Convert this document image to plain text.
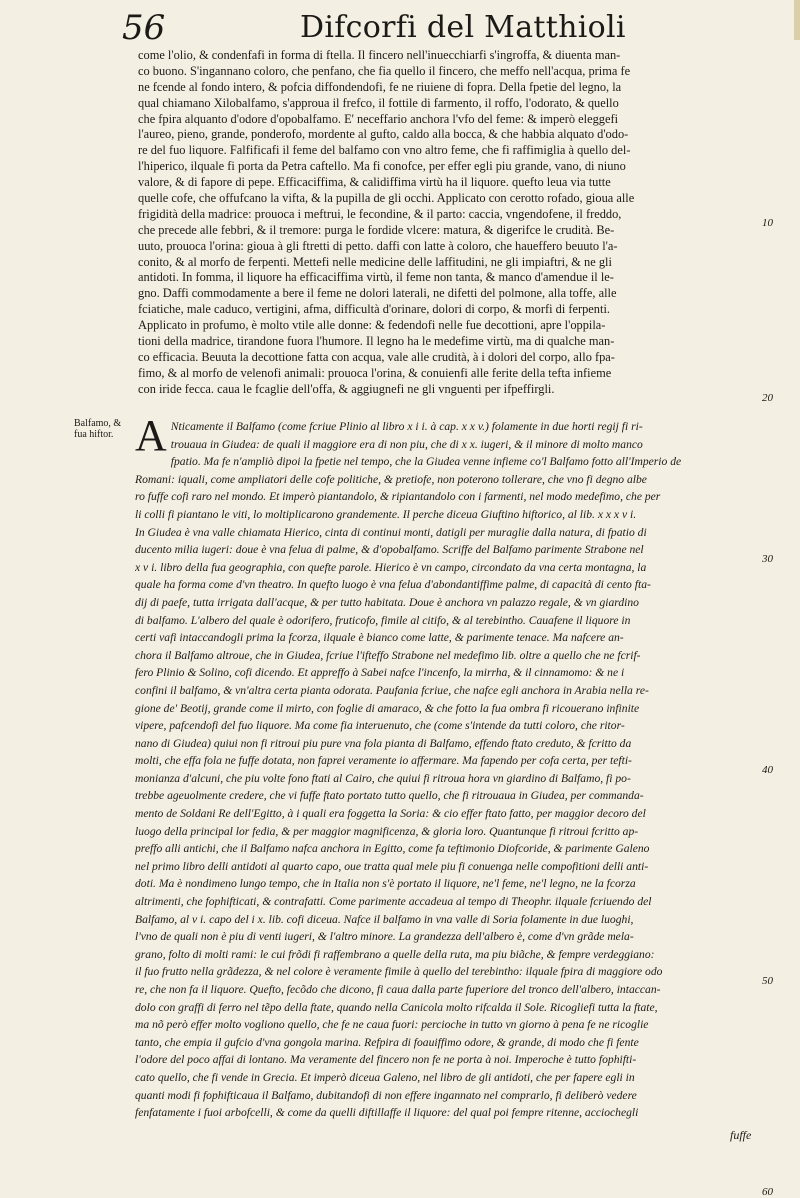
56	Difcorfi del Matthioli
Balfamo, &
fua hiftor.
come l'olio, & condenfafi in forma di ftella. Il fincero nell'inuecchiarfi s'ingroffa, & diuenta man-
co buono. S'ingannano coloro, che penfano, che fia quello il fincero, che meffo nell'acqua, prima fe
ne fcende al fondo intero, & pofcia diffondendofi, fe ne riuiene di fopra. Della fpetie del legno, la
qual chiamano Xilobalfamo, s'approua il frefco, il fottile di farmento, il roffo, l'odorato, & quello
che fpira alquanto d'odore d'opobalfamo. E' neceffario anchora l'vfo del feme: & imperò eleggefi
l'aureo, pieno, grande, ponderofo, mordente al gufto, caldo alla bocca, & che habbia alquato d'odo-
re del fuo liquore. Falfificafi il feme del balfamo con vno altro feme, che fi raffimiglia à quello del-
l'hiperico, ilquale fi porta da Petra caftello. Ma fi conofce, per effer egli piu grande, vano, di niuno
valore, & di fapore di pepe. Efficaciffima, & calidiffima virtù ha il liquore. quefto leua via tutte
quelle cofe, che offufcano la vifta, & la pupilla de gli occhi. Applicato con cerotto rofado, gioua alle
frigidità della madrice: prouoca i meftrui, le fecondine, & il parto: caccia, vngendofene, il freddo,
che precede alle febbri, & il tremore: purga le fordide vlcere: matura, & digerifce le crudità. Be-
uuto, prouoca l'orina: gioua à gli ftretti di petto. daffi con latte à coloro, che haueffero beuuto l'a-
conito, & al morfo de ferpenti. Mettefi nelle medicine delle laffitudini, ne gli impiaftri, & ne gli
antidoti. In fomma, il liquore ha efficaciffima virtù, il feme non tanta, & manco d'amendue il le-
gno. Daffi commodamente a bere il feme ne dolori laterali, ne difetti del polmone, alla toffe, alle
fciatiche, male caduco, vertigini, afma, difficultà d'orinare, dolori di corpo, & morfi di ferpenti.
Applicato in profumo, è molto vtile alle donne: & fedendofi nelle fue decottioni, apre l'oppila-
tioni della madrice, tirandone fuora l'humore. Il legno ha le medefime virtù, ma di qualche man-
co efficacia. Beuuta la decottione fatta con acqua, vale alle crudità, à i dolori del corpo, allo fpa-
fimo, & al morfo de velenofi animali: prouoca l'orina, & conuienfi alle ferite della tefta infieme
con iride fecca. caua le fcaglie dell'offa, & aggiugnefi ne gli vnguenti per ifpeffirgli.
A Nticamente il Balfamo (come fcriue Plinio al libro x i i. à cap. x x v.) folamente in due horti regij fi ri-
trouaua in Giudea: de quali il maggiore era di non piu, che di x x. iugeri, & il minore di molto manco
fpatio. Ma fe n'ampliò dipoi la fpetie nel tempo, che la Giudea venne infieme co'l Balfamo fotto all'Imperio de
Romani: iquali, come ampliatori delle cofe politiche, & pretiofe, non poterono tollerare, che vno fi degno albe
ro fuffe cofi raro nel mondo. Et imperò piantandolo, & ripiantandolo con i farmenti, nel modo medefimo, che per
li colli fi piantano le viti, lo moltiplicarono grandemente. Il perche diceua Giuftino hiftorico, al lib. x x x v i.
In Giudea è vna valle chiamata Hierico, cinta di continui monti, datigli per muraglie dalla natura, di fpatio di
ducento milia iugeri: doue è vna felua di palme, & d'opobalfamo. Scriffe del Balfamo parimente Strabone nel
x v i. libro della fua geographia, con quefte parole. Hierico è vn campo, circondato da vna certa montagna, la
quale ha forma come d'vn theatro. In quefto luogo è vna felua d'abondantiffime palme, di capacità di cento fta-
dij di paefe, tutta irrigata dall'acque, & per tutto habitata. Doue è anchora vn palazzo regale, & vn giardino
di balfamo. L'albero del quale è odorifero, fruticofo, fimile al citifo, & al terebintho. Cauafene il liquore in
certi vafi intaccandogli prima la fcorza, ilquale è bianco come latte, & parimente tenace. Ma nafcere an-
chora il Balfamo altroue, che in Giudea, fcriue l'ifteffo Strabone nel medefimo lib. oltre a quello che ne fcrif-
fero Plinio & Solino, cofi dicendo. Et appreffo à Sabei nafce l'incenfo, la mirrha, & il cinnamomo: & ne i
confini il balfamo, & vn'altra certa pianta odorata. Paufania fcriue, che nafce egli anchora in Arabia nella re-
gione de' Beotij, grande come il mirto, con foglie di amaraco, & che fotto la fua ombra fi ricouerano infinite
vipere, pafcendofi del fuo liquore. Ma come fia interuenuto, che (come s'intende da tutti coloro, che ritor-
nano di Giudea) quiui non fi ritroui piu pure vna fola pianta di Balfamo, effendo ftato creduto, & fcritto da
molti, che effa fola ne fuffe dotata, non faprei veramente io affermare. Ma fapendo per cofa certa, per tefti-
monianza d'alcuni, che piu volte fono ftati al Cairo, che quiui fi ritroua hora vn giardino di Balfamo, fi po-
trebbe ageuolmente credere, che vi fuffe ftato portato tutto quello, che fi ritrouaua in Giudea, per commanda-
mento de Soldani Re dell'Egitto, à i quali era foggetta la Soria: & cio effer ftato fatto, per maggior decoro del
luogo della principal lor fedia, & per maggior magnificenza, & gloria loro. Quantunque fi ritroui fcritto ap-
preffo alli antichi, che il Balfamo nafca anchora in Egitto, come fa teftimonio Diofcoride, & parimente Galeno
nel primo libro delli antidoti al quarto capo, oue tratta qual mele piu fi conuenga nelle compofitioni delli anti-
doti. Ma è nondimeno lungo tempo, che in Italia non s'è portato il liquore, ne'l feme, ne'l legno, ne la fcorza
altrimenti, che fophifticati, & contrafatti. Come parimente accadeua al tempo di Theophr. ilquale fcriuendo del
Balfamo, al v i. capo del i x. lib. cofi diceua. Nafce il balfamo in vna valle di Soria folamente in due luoghi,
l'vno de quali non è piu di venti iugeri, & l'altro minore. La grandezza dell'albero è, come d'vn grãde mela-
grano, folto di molti rami: le cui frõdi fi raffembrano a quelle della ruta, ma piu biãche, & fempre verdeggiano:
il fuo frutto nella grãdezza, & nel colore è veramente fimile à quello del terebintho: ilquale fpira di maggiore odo
re, che non fa il liquore. Quefto, fecõdo che dicono, fi caua dalla parte fuperiore del tronco dell'albero, intaccan-
dolo con graffi di ferro nel tẽpo della ftate, quando nella Canicola molto rifcalda il Sole. Ricogliefi tutta la ftate,
ma nõ però effer molto vogliono quello, che fe ne caua fuori: percioche in tutto vn giorno à pena fe ne ricoglie
tanto, che empia il gufcio d'vna gongola marina. Refpira di foauiffimo odore, & grande, di modo che fi fente
l'odore del poco affai di lontano. Ma veramente del fincero non fe ne porta à noi. Imperoche è tutto fophifti-
cato quello, che fi vende in Grecia. Et imperò diceua Galeno, nel libro de gli antidoti, che per fapere egli in
quanti modi fi fophifticaua il Balfamo, dubitandofi di non effere ingannato nel comprarlo, fi deliberò vedere
fenfatamente i fuoi arbofcelli, & come da quelli diftillaffe il liquore: del qual poi fempre ritenne, acciochegli
10
20
30
40
50
60
fuffe
